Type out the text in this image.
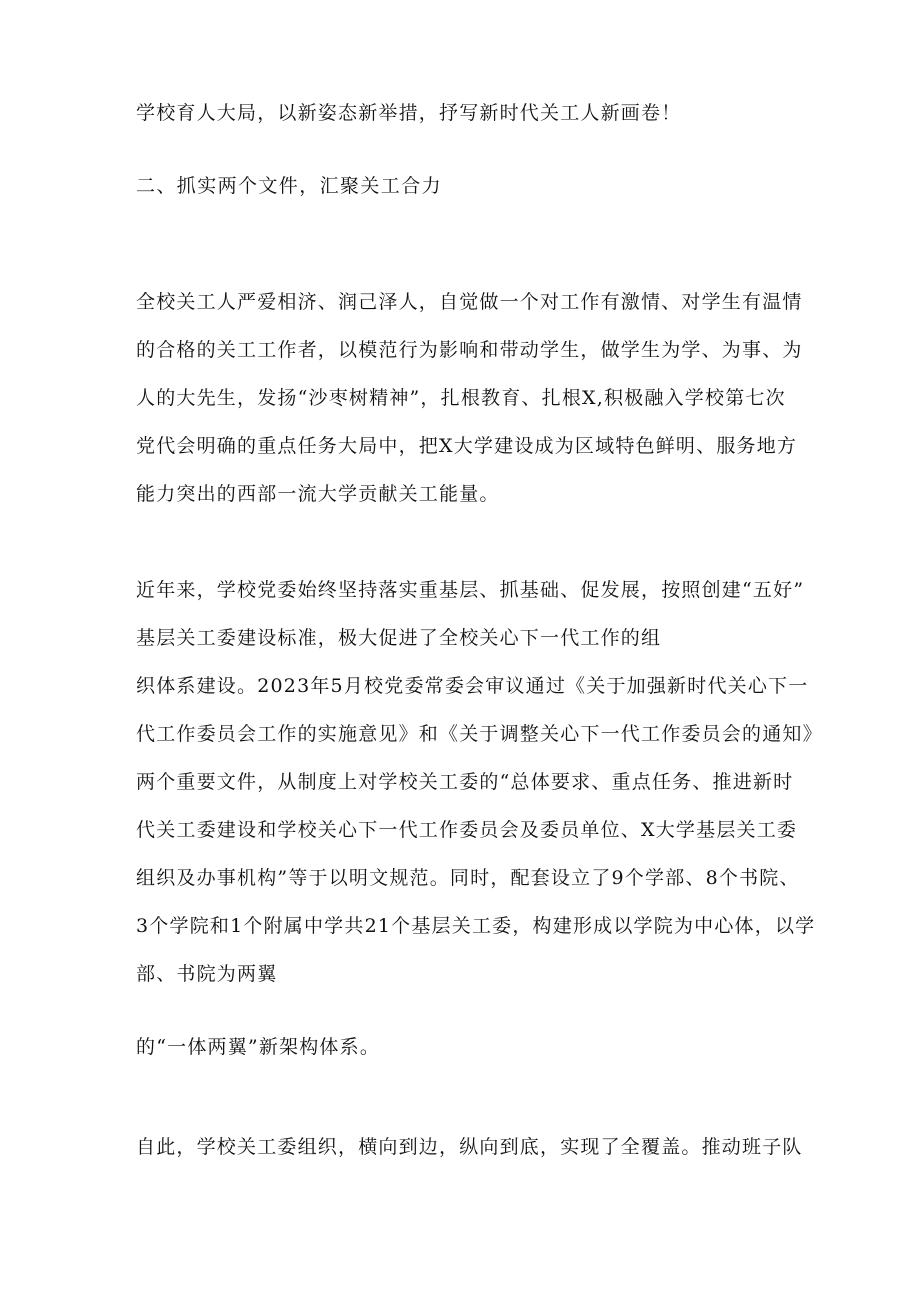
学校育人大局，以新姿态新举措，抒写新时代关工人新画卷！
二、抓实两个文件，汇聚关工合力
全校关工人严爱相济、润己泽人，自觉做一个对工作有激情、对学生有温情
的合格的关工工作者，以模范行为影响和带动学生，做学生为学、为事、为
人的大先生，发扬“沙枣树精神”，扎根教育、扎根X,积极融入学校第七次
党代会明确的重点任务大局中，把X大学建设成为区域特色鲜明、服务地方
能力突出的西部一流大学贡献关工能量。
近年来，学校党委始终坚持落实重基层、抓基础、促发展，按照创建“五好”
基层关工委建设标准，极大促进了全校关心下一代工作的组
织体系建设。2023年5月校党委常委会审议通过《关于加强新时代关心下一
代工作委员会工作的实施意见》和《关于调整关心下一代工作委员会的通知》
两个重要文件，从制度上对学校关工委的“总体要求、重点任务、推进新时
代关工委建设和学校关心下一代工作委员会及委员单位、X大学基层关工委
组织及办事机构”等于以明文规范。同时，配套设立了9个学部、8个书院、
3个学院和1个附属中学共21个基层关工委，构建形成以学院为中心体，以学
部、书院为两翼
的“一体两翼”新架构体系。
自此，学校关工委组织，横向到边，纵向到底，实现了全覆盖。推动班子队
